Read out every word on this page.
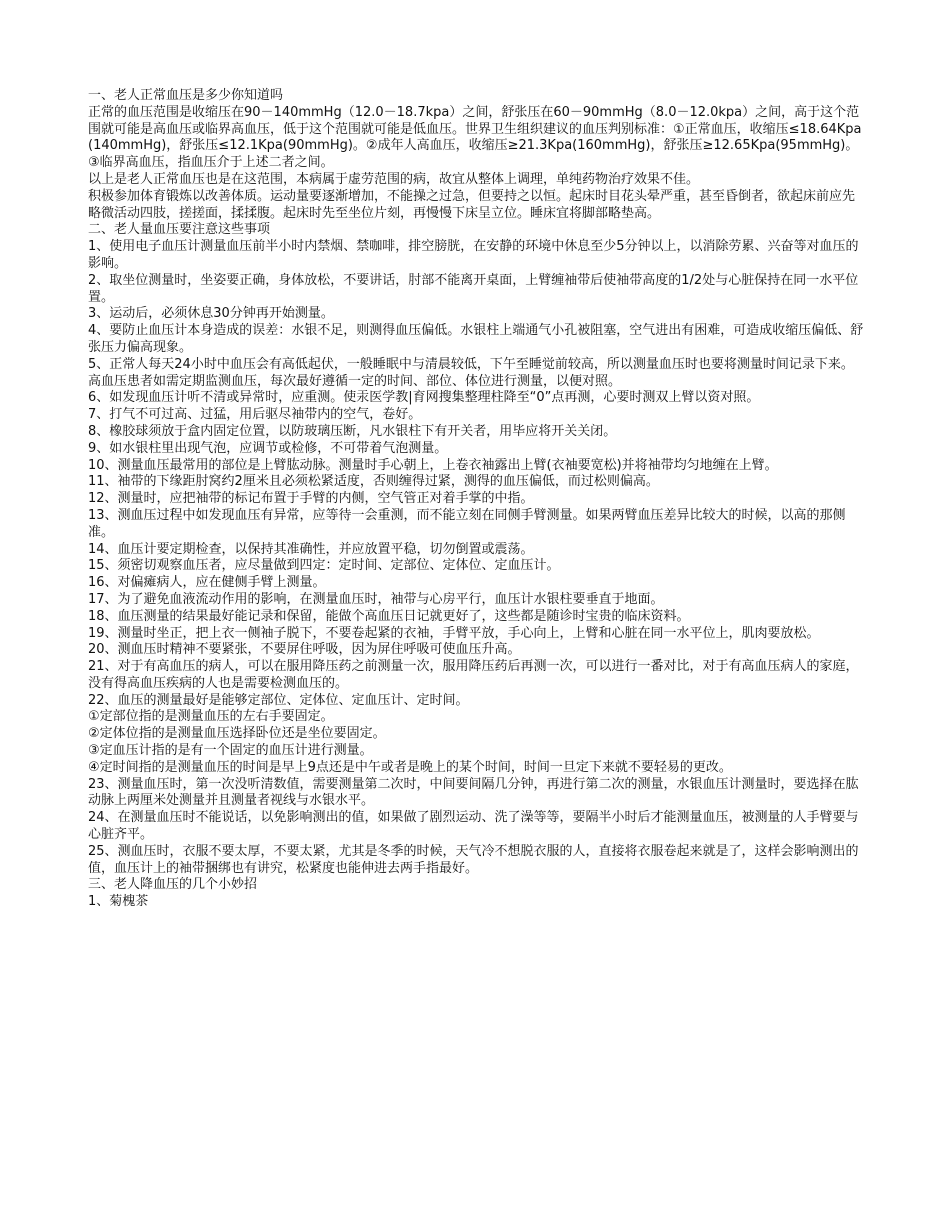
一、老人正常血压是多少你知道吗

正常的血压范围是收缩压在90－140mmHg（12.0－18.7kpa）之间，舒张压在60－90mmHg（8.0－12.0kpa）之间，高于这个范围就可能是高血压或临界高血压，低于这个范围就可能是低血压。世界卫生组织建议的血压判别标准：①正常血压，收缩压≤18.64Kpa(140mmHg)，舒张压≤12.1Kpa(90mmHg)。②成年人高血压，收缩压≥21.3Kpa(160mmHg)，舒张压≥12.65Kpa(95mmHg)。③临界高血压，指血压介于上述二者之间。

以上是老人正常血压也是在这范围，本病属于虚劳范围的病，故宜从整体上调理，单纯药物治疗效果不佳。

积极参加体育锻炼以改善体质。运动量要逐渐增加，不能操之过急，但要持之以恒。起床时目花头晕严重，甚至昏倒者，欲起床前应先略微活动四肢，搓搓面，揉揉腹。起床时先至坐位片刻，再慢慢下床呈立位。睡床宜将脚部略垫高。

二、老人量血压要注意这些事项

1、使用电子血压计测量血压前半小时内禁烟、禁咖啡，排空膀胱，在安静的环境中休息至少5分钟以上，以消除劳累、兴奋等对血压的影响。

2、取坐位测量时，坐姿要正确，身体放松，不要讲话，肘部不能离开桌面，上臂缠袖带后使袖带高度的1/2处与心脏保持在同一水平位置。

3、运动后，必须休息30分钟再开始测量。

4、要防止血压计本身造成的误差：水银不足，则测得血压偏低。水银柱上端通气小孔被阻塞，空气进出有困难，可造成收缩压偏低、舒张压力偏高现象。

5、正常人每天24小时中血压会有高低起伏，一般睡眠中与清晨较低，下午至睡觉前较高，所以测量血压时也要将测量时间记录下来。高血压患者如需定期监测血压，每次最好遵循一定的时间、部位、体位进行测量，以便对照。

6、如发现血压计听不清或异常时，应重测。使汞医学教|育网搜集整理柱降至“0”点再测，心要时测双上臂以资对照。

7、打气不可过高、过猛，用后驱尽袖带内的空气，卷好。

8、橡胶球须放于盒内固定位置，以防玻璃压断，凡水银柱下有开关者，用毕应将开关关闭。

9、如水银柱里出现气泡，应调节或检修，不可带着气泡测量。

10、测量血压最常用的部位是上臂肱动脉。测量时手心朝上，上卷衣袖露出上臂(衣袖要宽松)并将袖带均匀地缠在上臂。

11、袖带的下缘距肘窝约2厘米且必须松紧适度，否则缠得过紧，测得的血压偏低，而过松则偏高。

12、测量时，应把袖带的标记布置于手臂的内侧，空气管正对着手掌的中指。

13、测血压过程中如发现血压有异常，应等待一会重测，而不能立刻在同侧手臂测量。如果两臂血压差异比较大的时候，以高的那侧准。

14、血压计要定期检查，以保持其准确性，并应放置平稳，切勿倒置或震荡。

15、须密切观察血压者，应尽量做到四定：定时间、定部位、定体位、定血压计。

16、对偏瘫病人，应在健侧手臂上测量。

17、为了避免血液流动作用的影响，在测量血压时，袖带与心房平行，血压计水银柱要垂直于地面。

18、血压测量的结果最好能记录和保留，能做个高血压日记就更好了，这些都是随诊时宝贵的临床资料。

19、测量时坐正，把上衣一侧袖子脱下，不要卷起紧的衣袖，手臂平放，手心向上，上臂和心脏在同一水平位上，肌肉要放松。

20、测血压时精神不要紧张，不要屏住呼吸，因为屏住呼吸可使血压升高。

21、对于有高血压的病人，可以在服用降压药之前测量一次，服用降压药后再测一次，可以进行一番对比，对于有高血压病人的家庭，没有得高血压疾病的人也是需要检测血压的。

22、血压的测量最好是能够定部位、定体位、定血压计、定时间。

①定部位指的是测量血压的左右手要固定。

②定体位指的是测量血压选择卧位还是坐位要固定。

③定血压计指的是有一个固定的血压计进行测量。

④定时间指的是测量血压的时间是早上9点还是中午或者是晚上的某个时间，时间一旦定下来就不要轻易的更改。

23、测量血压时，第一次没听清数值，需要测量第二次时，中间要间隔几分钟，再进行第二次的测量，水银血压计测量时，要选择在肱动脉上两厘米处测量并且测量者视线与水银水平。

24、在测量血压时不能说话，以免影响测出的值，如果做了剧烈运动、洗了澡等等，要隔半小时后才能测量血压，被测量的人手臂要与心脏齐平。

25、测血压时，衣服不要太厚，不要太紧，尤其是冬季的时候，天气冷不想脱衣服的人，直接将衣服卷起来就是了，这样会影响测出的值，血压计上的袖带捆绑也有讲究，松紧度也能伸进去两手指最好。

三、老人降血压的几个小妙招

1、菊槐茶
